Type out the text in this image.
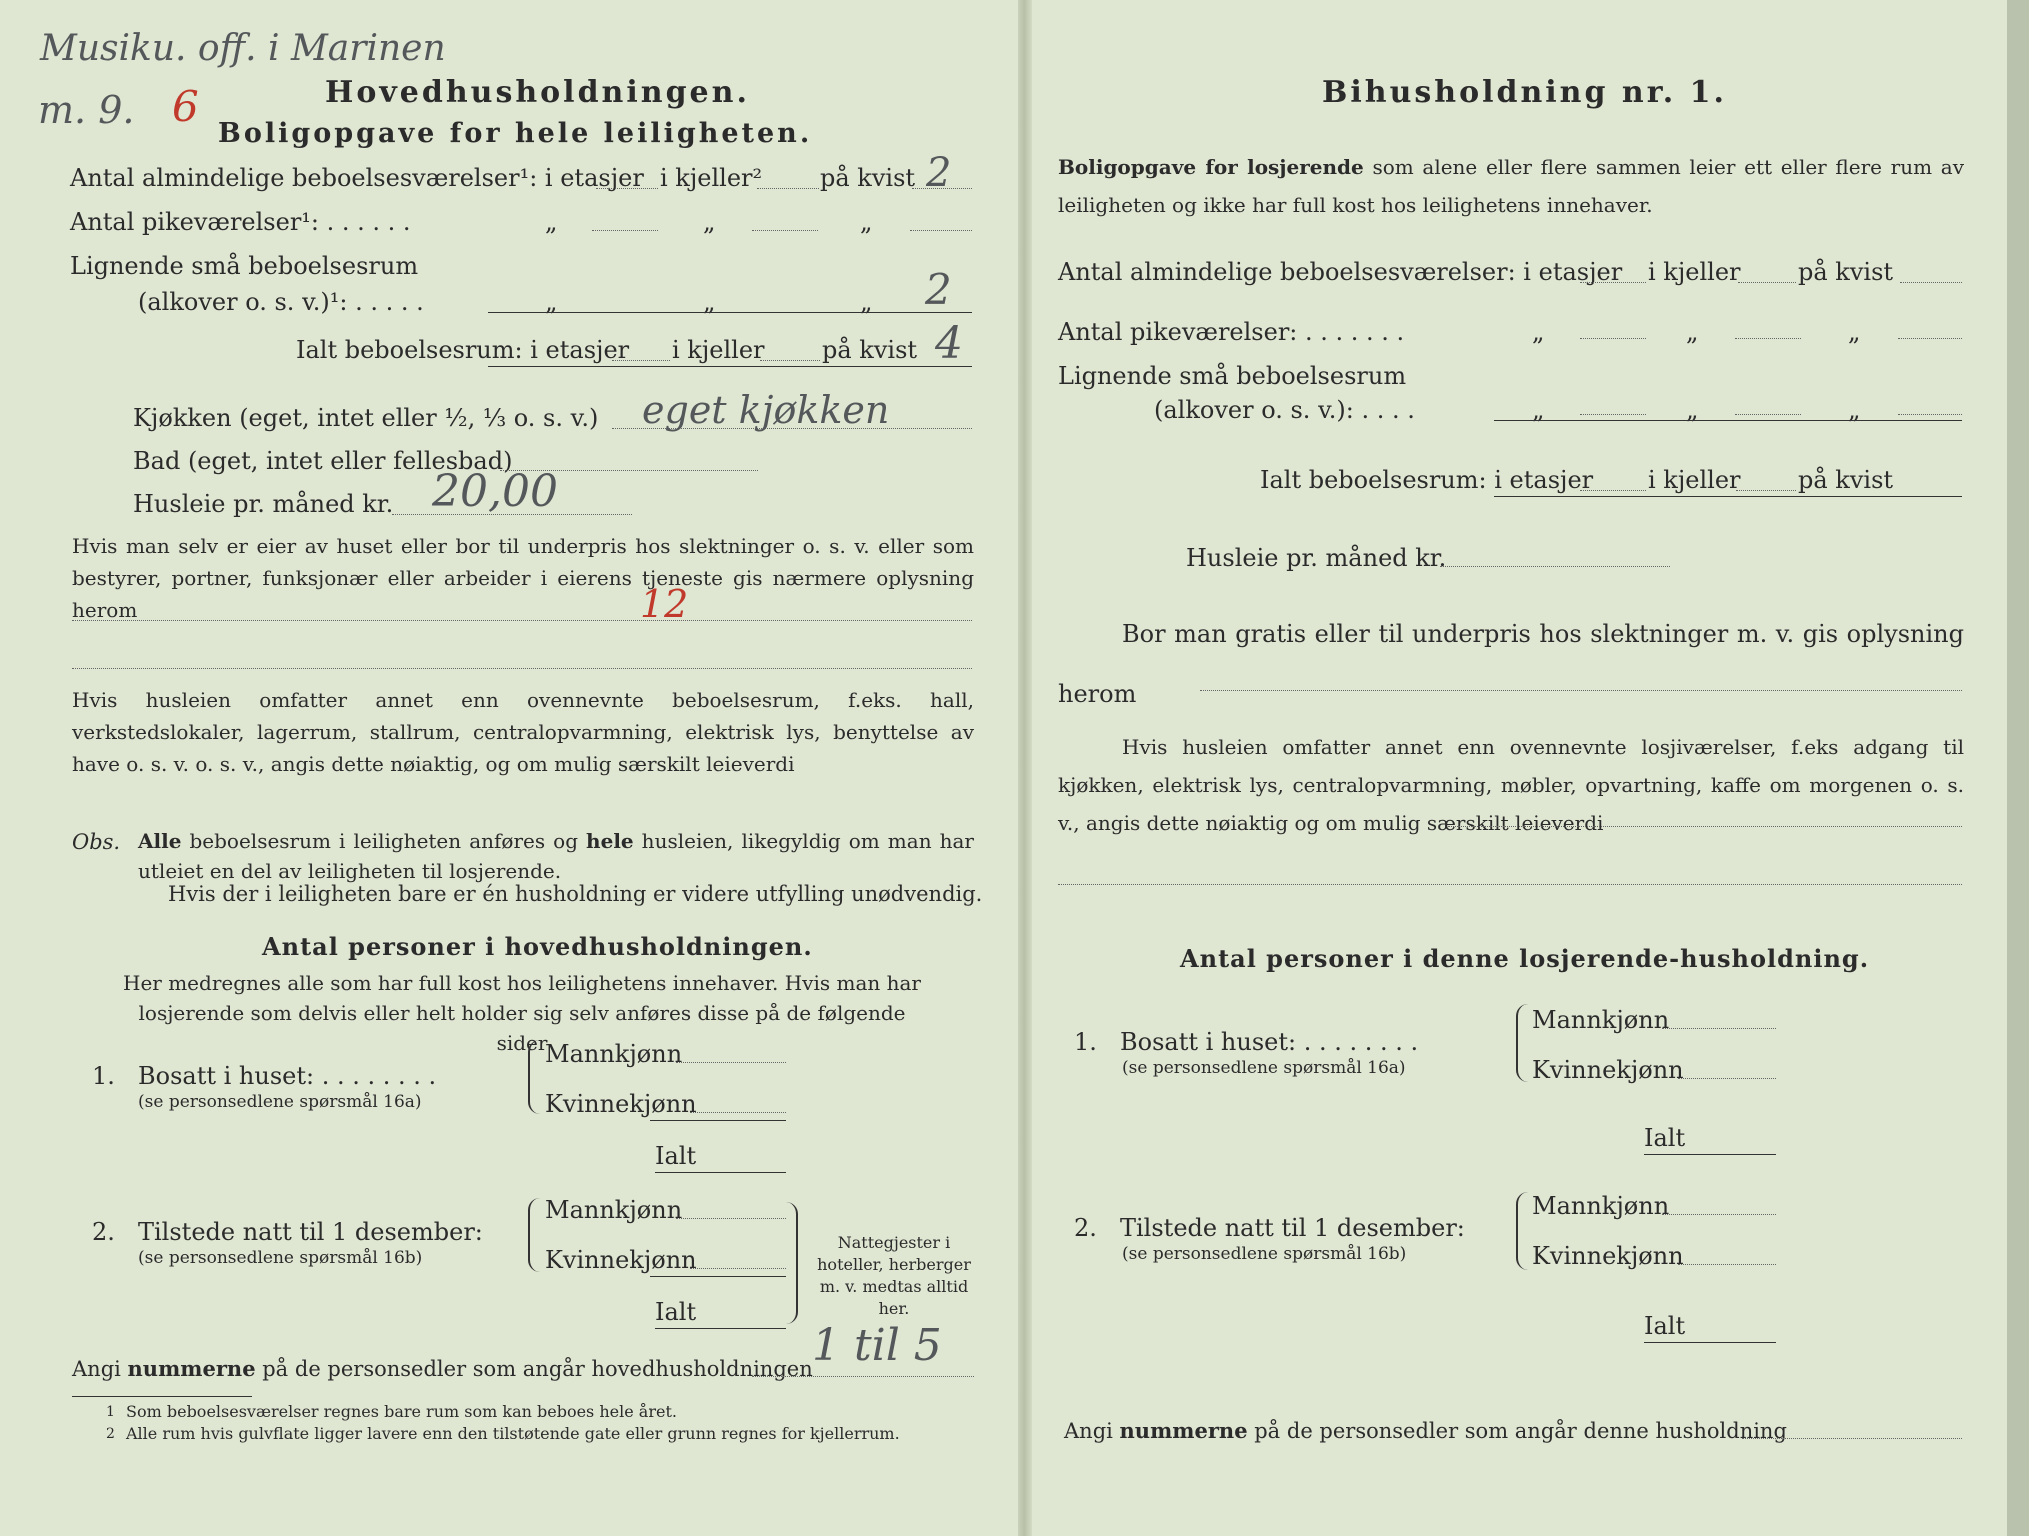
Musiku. off. i Marinen
m. 9. 6	Hovedhusholdningen.
Boligopgave for hele leiligheten.
Antal almindelige beboelsesværelser¹: i etasjer i kjeller² på kvist 2
Antal pikeværelser¹: . . . . . .	„	„	„
Lignende små beboelsesrum
(alkover o. s. v.)¹: . . . . .	„	„	„ 2
Ialt beboelsesrum: i etasjer i kjeller på kvist 4
Kjøkken (eget, intet eller ½, ⅓ o. s. v.) eget kjøkken
Bad (eget, intet eller fellesbad)
Husleie pr. måned kr. 20,00

Hvis man selv er eier av huset eller bor til underpris hos slektninger o. s. v. eller som bestyrer, portner, funksjonær eller arbeider i eierens tjeneste gis nærmere oplysning herom	12

Hvis husleien omfatter annet enn ovennevnte beboelsesrum, f.eks. hall, verkstedslokaler, lagerrum, stallrum, centralopvarmning, elektrisk lys, benyttelse av have o. s. v. o. s. v., angis dette nøiaktig, og om mulig særskilt leieverdi

Obs. Alle beboelsesrum i leiligheten anføres og hele husleien, likegyldig om man har utleiet en del av leiligheten til losjerende.

Hvis der i leiligheten bare er én husholdning er videre utfylling unødvendig.
Antal personer i hovedhusholdningen.

Her medregnes alle som har full kost hos leilighetens innehaver. Hvis man har losjerende som delvis eller helt holder sig selv anføres disse på de følgende sider

1. Bosatt i huset: . . . . . . . .
(se personsedlene spørsmål 16a)
Mannkjønn
Kvinnekjønn
Ialt
2. Tilstede natt til 1 desember:
(se personsedlene spørsmål 16b)
Mannkjønn
Kvinnekjønn
Ialt

Nattegjester i hoteller, herberger m. v. medtas alltid her.

Angi nummerne på de personsedler som angår hovedhusholdningen 1 til 5
1 Som beboelsesværelser regnes bare rum som kan beboes hele året.
2 Alle rum hvis gulvflate ligger lavere enn den tilstøtende gate eller grunn regnes for kjellerrum.
Bihusholdning nr. 1.

Boligopgave for losjerende som alene eller flere sammen leier ett eller flere rum av leiligheten og ikke har full kost hos leilighetens innehaver.

Antal almindelige beboelsesværelser: i etasjer i kjeller på kvist
Antal pikeværelser: . . . . . . .	„	„	„
Lignende små beboelsesrum
(alkover o. s. v.): . . . .	„	„	„
Ialt beboelsesrum: i etasjer i kjeller på kvist
Husleie pr. måned kr.

Bor man gratis eller til underpris hos slektninger m. v. gis oplysning herom

Hvis husleien omfatter annet enn ovennevnte losjiværelser, f.eks adgang til kjøkken, elektrisk lys, centralopvarmning, møbler, opvartning, kaffe om morgenen o. s. v., angis dette nøiaktig og om mulig særskilt leieverdi

Antal personer i denne losjerende-husholdning.
1. Bosatt i huset: . . . . . . . .
(se personsedlene spørsmål 16a)
Mannkjønn
Kvinnekjønn
Ialt
2. Tilstede natt til 1 desember:
(se personsedlene spørsmål 16b)
Mannkjønn
Kvinnekjønn
Ialt
Angi nummerne på de personsedler som angår denne husholdning
